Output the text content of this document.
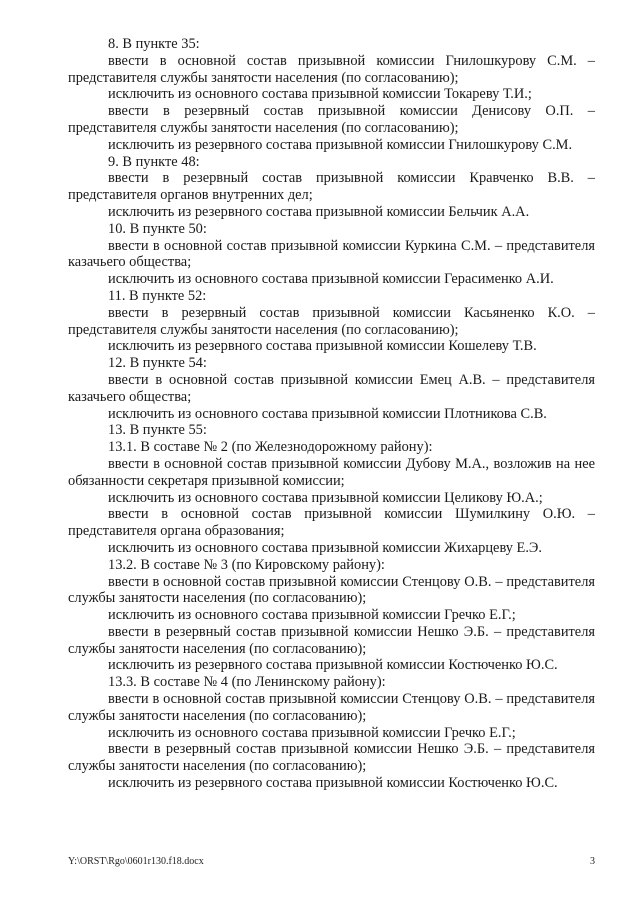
8. В пункте 35:

ввести в основной состав призывной комиссии Гнилошкурову С.М. – представителя службы занятости населения (по согласованию);

исключить из основного состава призывной комиссии Токареву Т.И.;

ввести в резервный состав призывной комиссии Денисову О.П. – представителя службы занятости населения (по согласованию);

исключить из резервного состава призывной комиссии Гнилошкурову С.М.

9. В пункте 48:

ввести в резервный состав призывной комиссии Кравченко В.В. – представителя органов внутренних дел;

исключить из резервного состава призывной комиссии Бельчик А.А.

10. В пункте 50:

ввести в основной состав призывной комиссии Куркина С.М. – представителя казачьего общества;

исключить из основного состава призывной комиссии Герасименко А.И.

11. В пункте 52:

ввести в резервный состав призывной комиссии Касьяненко К.О. – представителя службы занятости населения (по согласованию);

исключить из резервного состава призывной комиссии Кошелеву Т.В.

12. В пункте 54:

ввести в основной состав призывной комиссии Емец А.В. – представителя казачьего общества;

исключить из основного состава призывной комиссии Плотникова С.В.

13. В пункте 55:

13.1. В составе № 2 (по Железнодорожному району):

ввести в основной состав призывной комиссии Дубову М.А., возложив на нее обязанности секретаря призывной комиссии;

исключить из основного состава призывной комиссии Целикову Ю.А.;

ввести в основной состав призывной комиссии Шумилкину О.Ю. – представителя органа образования;

исключить из основного состава призывной комиссии Жихарцеву Е.Э.

13.2. В составе № 3 (по Кировскому району):

ввести в основной состав призывной комиссии Стенцову О.В. – представителя службы занятости населения (по согласованию);

исключить из основного состава призывной комиссии Гречко Е.Г.;

ввести в резервный состав призывной комиссии Нешко Э.Б. – представителя службы занятости населения (по согласованию);

исключить из резервного состава призывной комиссии Костюченко Ю.С.

13.3. В составе № 4 (по Ленинскому району):

ввести в основной состав призывной комиссии Стенцову О.В. – представителя службы занятости населения (по согласованию);

исключить из основного состава призывной комиссии Гречко Е.Г.;

ввести в резервный состав призывной комиссии Нешко Э.Б. – представителя службы занятости населения (по согласованию);

исключить из резервного состава призывной комиссии Костюченко Ю.С.

Y:\ORST\Rgo\0601r130.f18.docx	3
